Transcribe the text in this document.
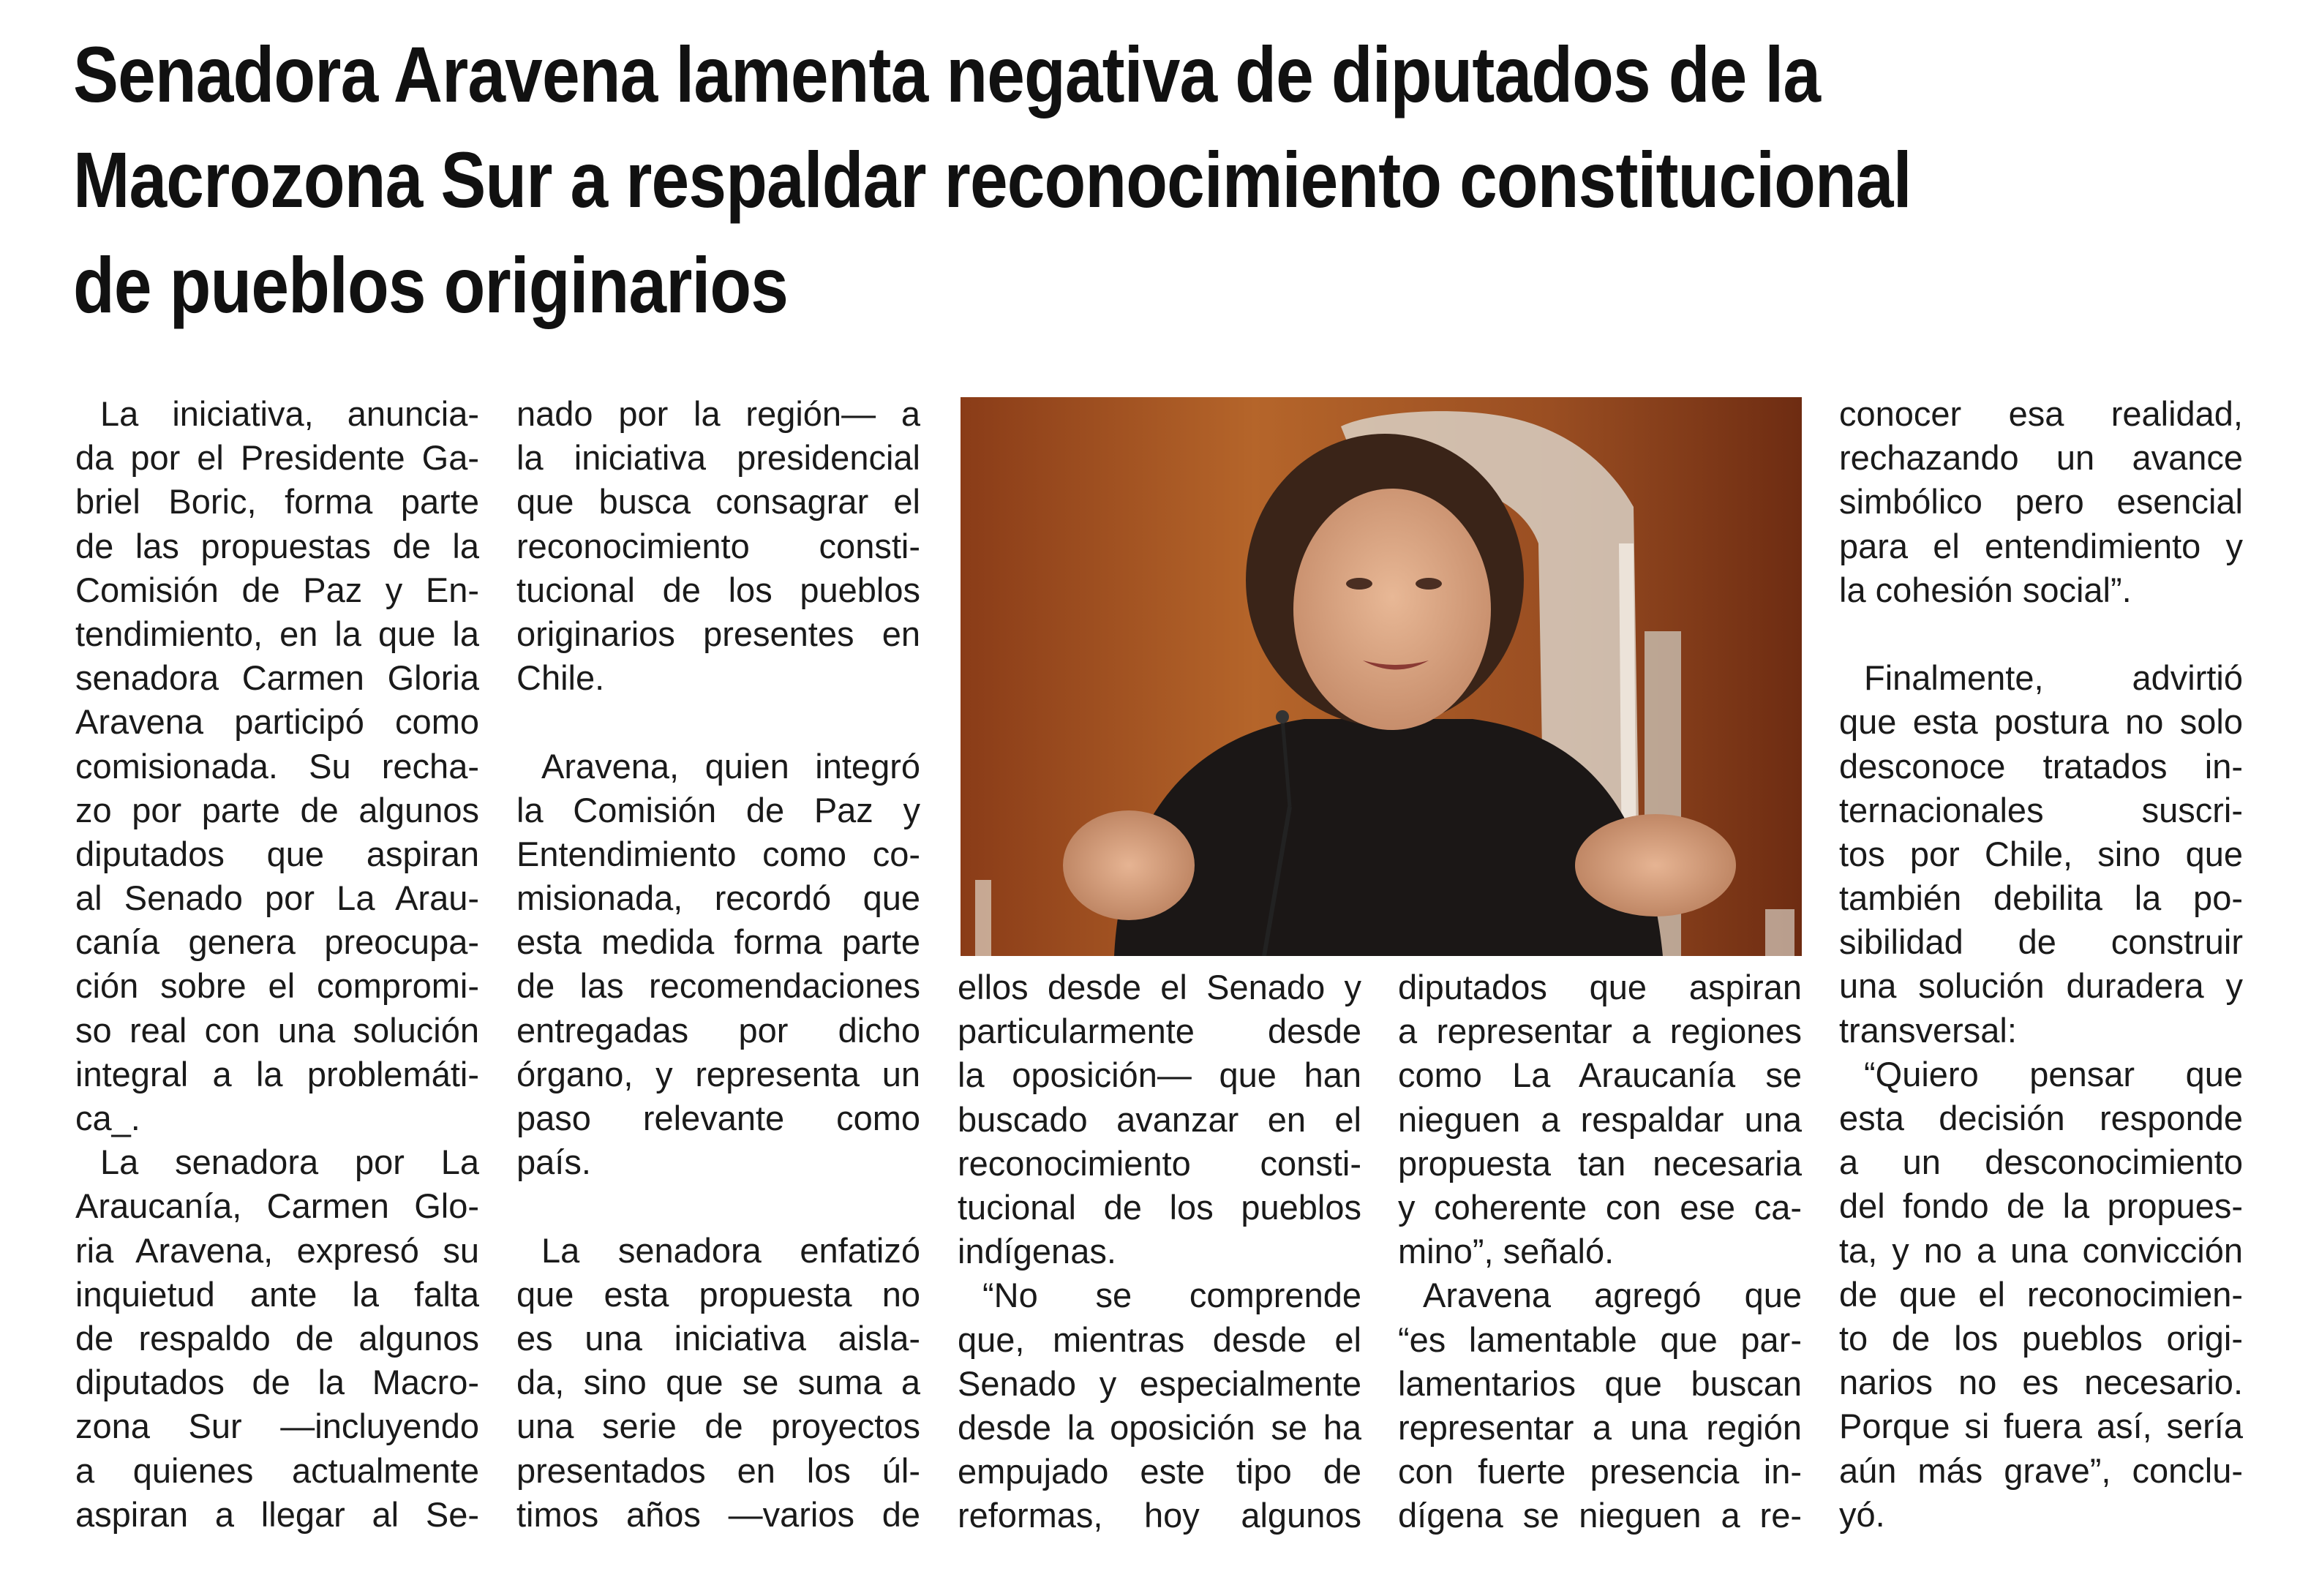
Senadora Aravena lamenta negativa de diputados de la
Macrozona Sur a respaldar reconocimiento constitucional
de pueblos originarios
La iniciativa, anuncia-
da por el Presidente Ga-
briel Boric, forma parte
de las propuestas de la
Comisión de Paz y En-
tendimiento, en la que la
senadora Carmen Gloria
Aravena participó como
comisionada. Su recha-
zo por parte de algunos
diputados que aspiran
al Senado por La Arau-
canía genera preocupa-
ción sobre el compromi-
so real con una solución
integral a la problemáti-
ca_.
La senadora por La
Araucanía, Carmen Glo-
ria Aravena, expresó su
inquietud ante la falta
de respaldo de algunos
diputados de la Macro-
zona Sur —incluyendo
a quienes actualmente
aspiran a llegar al Se-
nado por la región— a
la iniciativa presidencial
que busca consagrar el
reconocimiento consti-
tucional de los pueblos
originarios presentes en
Chile.
Aravena, quien integró
la Comisión de Paz y
Entendimiento como co-
misionada, recordó que
esta medida forma parte
de las recomendaciones
entregadas por dicho
órgano, y representa un
paso relevante como
país.
La senadora enfatizó
que esta propuesta no
es una iniciativa aisla-
da, sino que se suma a
una serie de proyectos
presentados en los úl-
timos años —varios de
ellos desde el Senado y
particularmente desde
la oposición— que han
buscado avanzar en el
reconocimiento consti-
tucional de los pueblos
indígenas.
“No se comprende
que, mientras desde el
Senado y especialmente
desde la oposición se ha
empujado este tipo de
reformas, hoy algunos
diputados que aspiran
a representar a regiones
como La Araucanía se
nieguen a respaldar una
propuesta tan necesaria
y coherente con ese ca-
mino”, señaló.
Aravena agregó que
“es lamentable que par-
lamentarios que buscan
representar a una región
con fuerte presencia in-
dígena se nieguen a re-
conocer esa realidad,
rechazando un avance
simbólico pero esencial
para el entendimiento y
la cohesión social”.
Finalmente, advirtió
que esta postura no solo
desconoce tratados in-
ternacionales suscri-
tos por Chile, sino que
también debilita la po-
sibilidad de construir
una solución duradera y
transversal:
“Quiero pensar que
esta decisión responde
a un desconocimiento
del fondo de la propues-
ta, y no a una convicción
de que el reconocimien-
to de los pueblos origi-
narios no es necesario.
Porque si fuera así, sería
aún más grave”, conclu-
yó.
